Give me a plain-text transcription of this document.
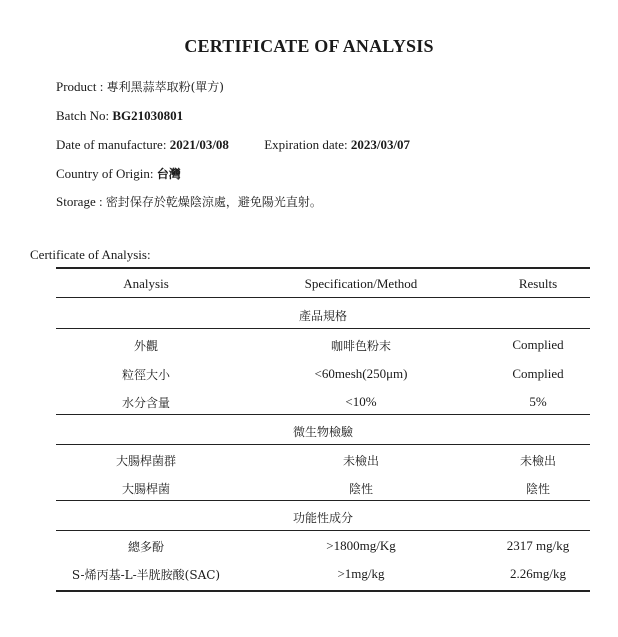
CERTIFICATE OF ANALYSIS
Product : 專利黑蒜萃取粉(單方)
Batch No: BG21030801
Date of manufacture: 2021/03/08	Expiration date: 2023/03/07
Country of Origin: 台灣
Storage : 密封保存於乾燥陰涼處，避免陽光直射。
Certificate of Analysis:
Analysis	Specification/Method	Results
產品規格
外觀	咖啡色粉末	Complied
粒徑大小	<60mesh(250μm)	Complied
水分含量	<10%	5%
微生物檢驗
大腸桿菌群	未檢出	未檢出
大腸桿菌	陰性	陰性
功能性成分
總多酚	>1800mg/Kg	2317 mg/kg
S-烯丙基-L-半胱胺酸(SAC)	>1mg/kg	2.26mg/kg
